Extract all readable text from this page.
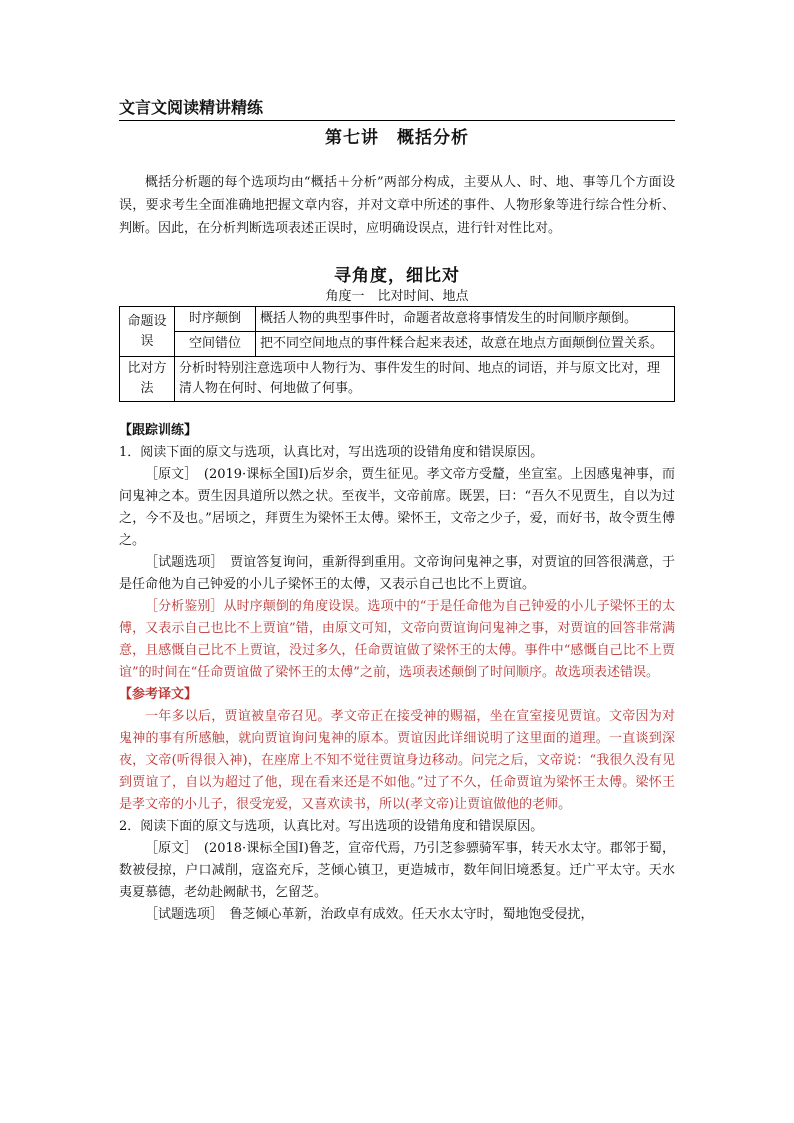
文言文阅读精讲精练
第七讲　概括分析
概括分析题的每个选项均由“概括＋分析”两部分构成，主要从人、时、地、事等几个方面设误，要求考生全面准确地把握文章内容，并对文章中所述的事件、人物形象等进行综合性分析、判断。因此，在分析判断选项表述正误时，应明确设误点，进行针对性比对。
寻角度，细比对
角度一　比对时间、地点
命题设误	时序颠倒	概括人物的典型事件时，命题者故意将事情发生的时间顺序颠倒。
	空间错位	把不同空间地点的事件糅合起来表述，故意在地点方面颠倒位置关系。
比对方法	分析时特别注意选项中人物行为、事件发生的时间、地点的词语，并与原文比对，理清人物在何时、何地做了何事。	
【跟踪训练】
1．阅读下面的原文与选项，认真比对，写出选项的设错角度和错误原因。
［原文］　(2019·课标全国Ⅰ)后岁余，贾生征见。孝文帝方受釐，坐宣室。上因感鬼神事，而问鬼神之本。贾生因具道所以然之状。至夜半，文帝前席。既罢，曰：“吾久不见贾生，自以为过之，今不及也。”居顷之，拜贾生为梁怀王太傅。梁怀王，文帝之少子，爱，而好书，故令贾生傅之。
［试题选项］　贾谊答复询问，重新得到重用。文帝询问鬼神之事，对贾谊的回答很满意，于是任命他为自己钟爱的小儿子梁怀王的太傅，又表示自己也比不上贾谊。
［分析鉴别］从时序颠倒的角度设误。选项中的“于是任命他为自己钟爱的小儿子梁怀王的太傅，又表示自己也比不上贾谊”错，由原文可知，文帝向贾谊询问鬼神之事，对贾谊的回答非常满意，且感慨自己比不上贾谊，没过多久，任命贾谊做了梁怀王的太傅。事件中“感慨自己比不上贾谊”的时间在“任命贾谊做了梁怀王的太傅”之前，选项表述颠倒了时间顺序。故选项表述错误。
【参考译文】
一年多以后，贾谊被皇帝召见。孝文帝正在接受神的赐福，坐在宣室接见贾谊。文帝因为对鬼神的事有所感触，就向贾谊询问鬼神的原本。贾谊因此详细说明了这里面的道理。一直谈到深夜，文帝(听得很入神)，在座席上不知不觉往贾谊身边移动。问完之后，文帝说：“我很久没有见到贾谊了，自以为超过了他，现在看来还是不如他。”过了不久，任命贾谊为梁怀王太傅。梁怀王是孝文帝的小儿子，很受宠爱，又喜欢读书，所以(孝文帝)让贾谊做他的老师。
2．阅读下面的原文与选项，认真比对。写出选项的设错角度和错误原因。
［原文］　(2018·课标全国Ⅰ)鲁芝，宣帝代焉，乃引芝参骠骑军事，转天水太守。郡邻于蜀，数被侵掠，户口减削，寇盗充斥，芝倾心镇卫，更造城市，数年间旧境悉复。迁广平太守。天水夷夏慕德，老幼赴阙献书，乞留芝。
［试题选项］　鲁芝倾心革新，治政卓有成效。任天水太守时，蜀地饱受侵扰，
